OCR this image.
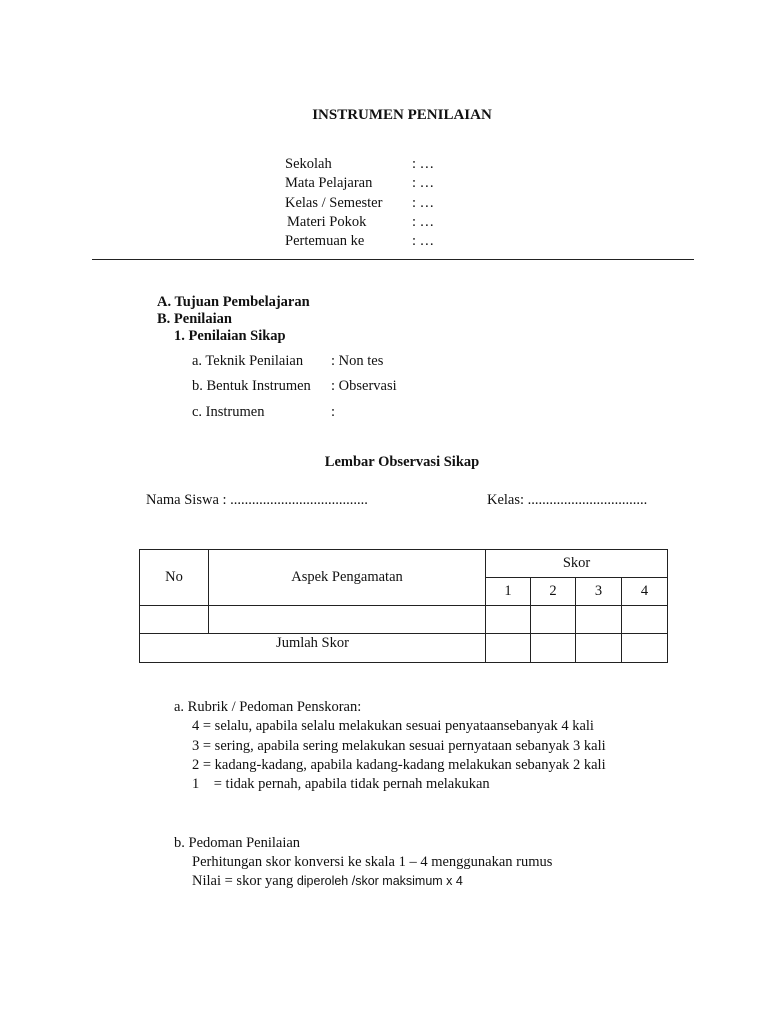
INSTRUMEN PENILAIAN
Sekolah	: …
Mata Pelajaran	: …
Kelas / Semester : …
Materi Pokok	: …
Pertemuan ke	: …
A. Tujuan Pembelajaran
B. Penilaian
1. Penilaian Sikap
a. Teknik Penilaian : Non tes
b. Bentuk Instrumen : Observasi
c. Instrumen	:
Lembar Observasi Sikap
Nama Siswa : ......................................	Kelas: .................................
No	Aspek Pengamatan	Skor			
		1	2	3	4

Jumlah Skor					
a. Rubrik / Pedoman Penskoran:
4 = selalu, apabila selalu melakukan sesuai penyataansebanyak 4 kali
3 = sering, apabila sering melakukan sesuai pernyataan sebanyak 3 kali
2 = kadang-kadang, apabila kadang-kadang melakukan sebanyak 2 kali
1    = tidak pernah, apabila tidak pernah melakukan
b. Pedoman Penilaian
Perhitungan skor konversi ke skala 1 – 4 menggunakan rumus
Nilai = skor yang diperoleh /skor maksimum x 4
